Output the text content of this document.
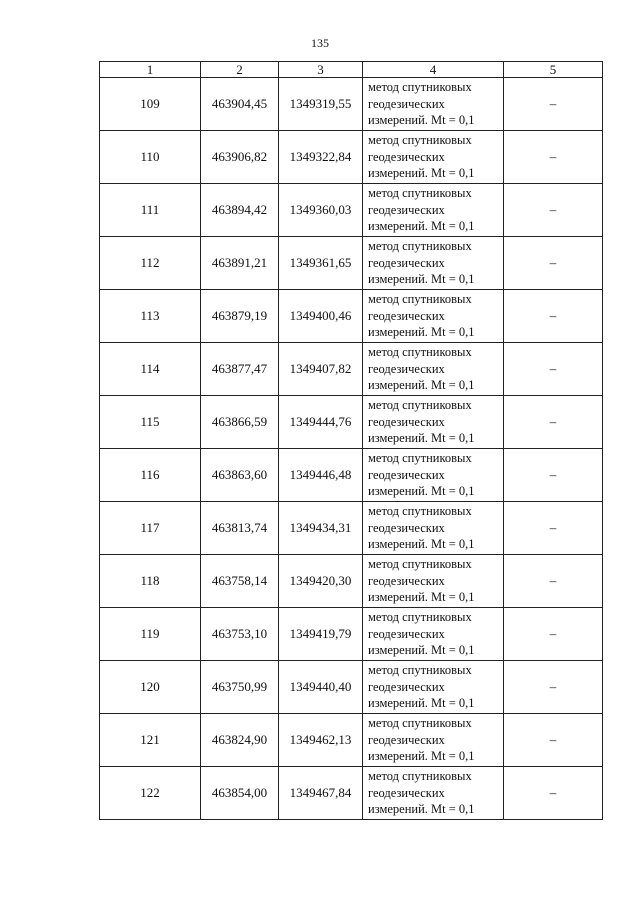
135
1	2	3	4	5
109	463904,45	1349319,55	метод спутниковых
геодезических
измерений. Mt = 0,1	–
110	463906,82	1349322,84	метод спутниковых
геодезических
измерений. Mt = 0,1	–
111	463894,42	1349360,03	метод спутниковых
геодезических
измерений. Mt = 0,1	–
112	463891,21	1349361,65	метод спутниковых
геодезических
измерений. Mt = 0,1	–
113	463879,19	1349400,46	метод спутниковых
геодезических
измерений. Mt = 0,1	–
114	463877,47	1349407,82	метод спутниковых
геодезических
измерений. Mt = 0,1	–
115	463866,59	1349444,76	метод спутниковых
геодезических
измерений. Mt = 0,1	–
116	463863,60	1349446,48	метод спутниковых
геодезических
измерений. Mt = 0,1	–
117	463813,74	1349434,31	метод спутниковых
геодезических
измерений. Mt = 0,1	–
118	463758,14	1349420,30	метод спутниковых
геодезических
измерений. Mt = 0,1	–
119	463753,10	1349419,79	метод спутниковых
геодезических
измерений. Mt = 0,1	–
120	463750,99	1349440,40	метод спутниковых
геодезических
измерений. Mt = 0,1	–
121	463824,90	1349462,13	метод спутниковых
геодезических
измерений. Mt = 0,1	–
122	463854,00	1349467,84	метод спутниковых
геодезических
измерений. Mt = 0,1	–
